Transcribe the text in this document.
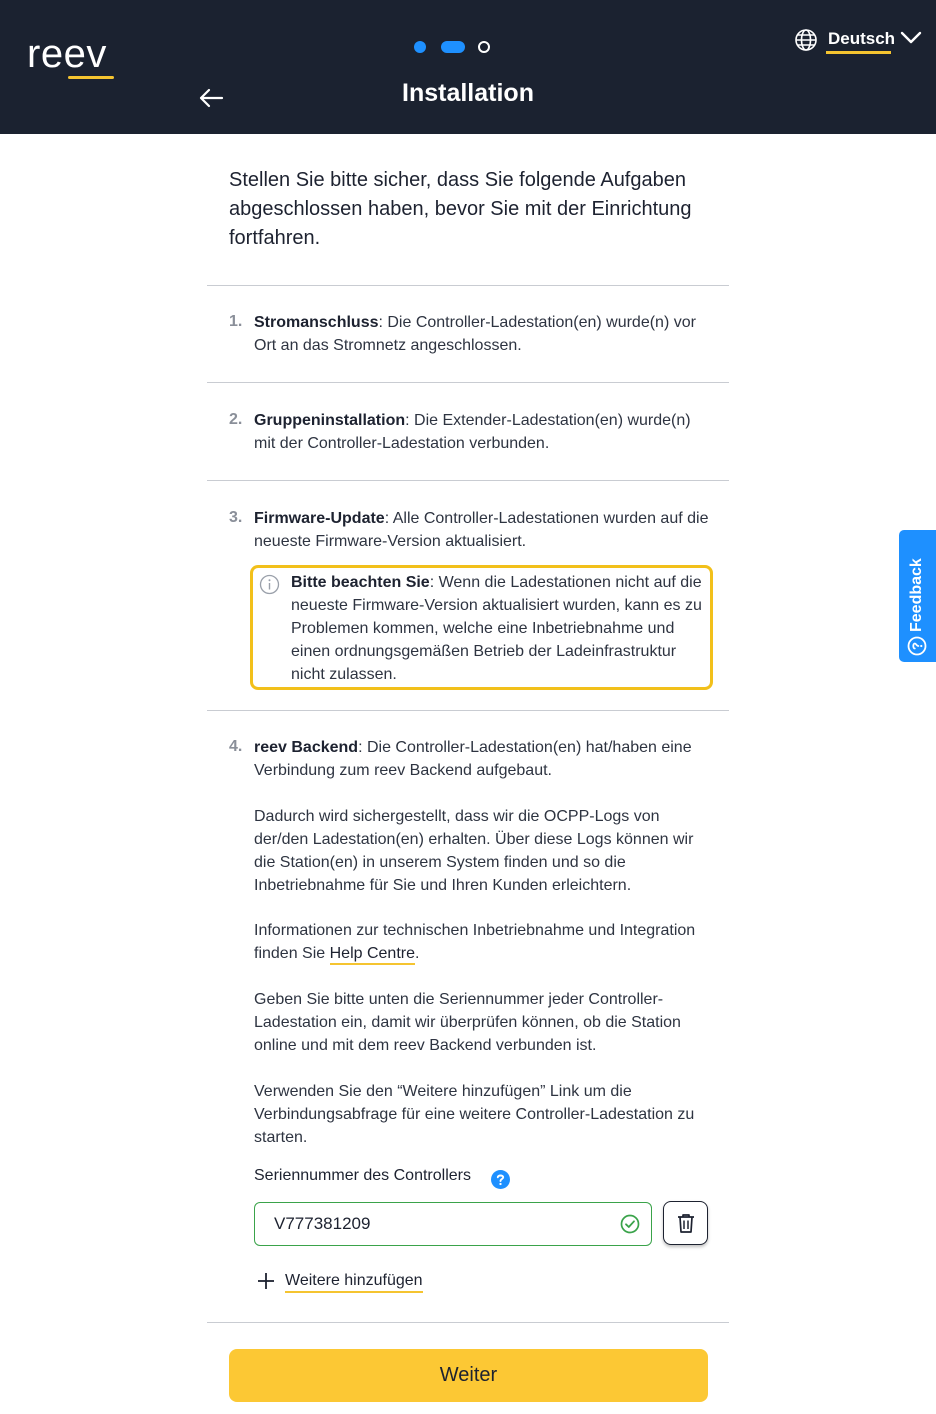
reev
Installation
Deutsch
Feedback
Stellen Sie bitte sicher, dass Sie folgende Aufgaben abgeschlossen haben, bevor Sie mit der Einrichtung fortfahren.
1. Stromanschluss: Die Controller-Ladestation(en) wurde(n) vor Ort an das Stromnetz angeschlossen.
2. Gruppeninstallation: Die Extender-Ladestation(en) wurde(n) mit der Controller-Ladestation verbunden.
3. Firmware-Update: Alle Controller-Ladestationen wurden auf die neueste Firmware-Version aktualisiert.
Bitte beachten Sie: Wenn die Ladestationen nicht auf die neueste Firmware-Version aktualisiert wurden, kann es zu Problemen kommen, welche eine Inbetriebnahme und einen ordnungsgemäßen Betrieb der Ladeinfrastruktur nicht zulassen.
4. reev Backend: Die Controller-Ladestation(en) hat/haben eine Verbindung zum reev Backend aufgebaut.
Dadurch wird sichergestellt, dass wir die OCPP-Logs von der/den Ladestation(en) erhalten. Über diese Logs können wir die Station(en) in unserem System finden und so die Inbetriebnahme für Sie und Ihren Kunden erleichtern.
Informationen zur technischen Inbetriebnahme und Integration finden Sie Help Centre.
Geben Sie bitte unten die Seriennummer jeder Controller-Ladestation ein, damit wir überprüfen können, ob die Station online und mit dem reev Backend verbunden ist.
Verwenden Sie den “Weitere hinzufügen” Link um die Verbindungsabfrage für eine weitere Controller-Ladestation zu starten.
Seriennummer des Controllers
V777381209
Weitere hinzufügen
Weiter
